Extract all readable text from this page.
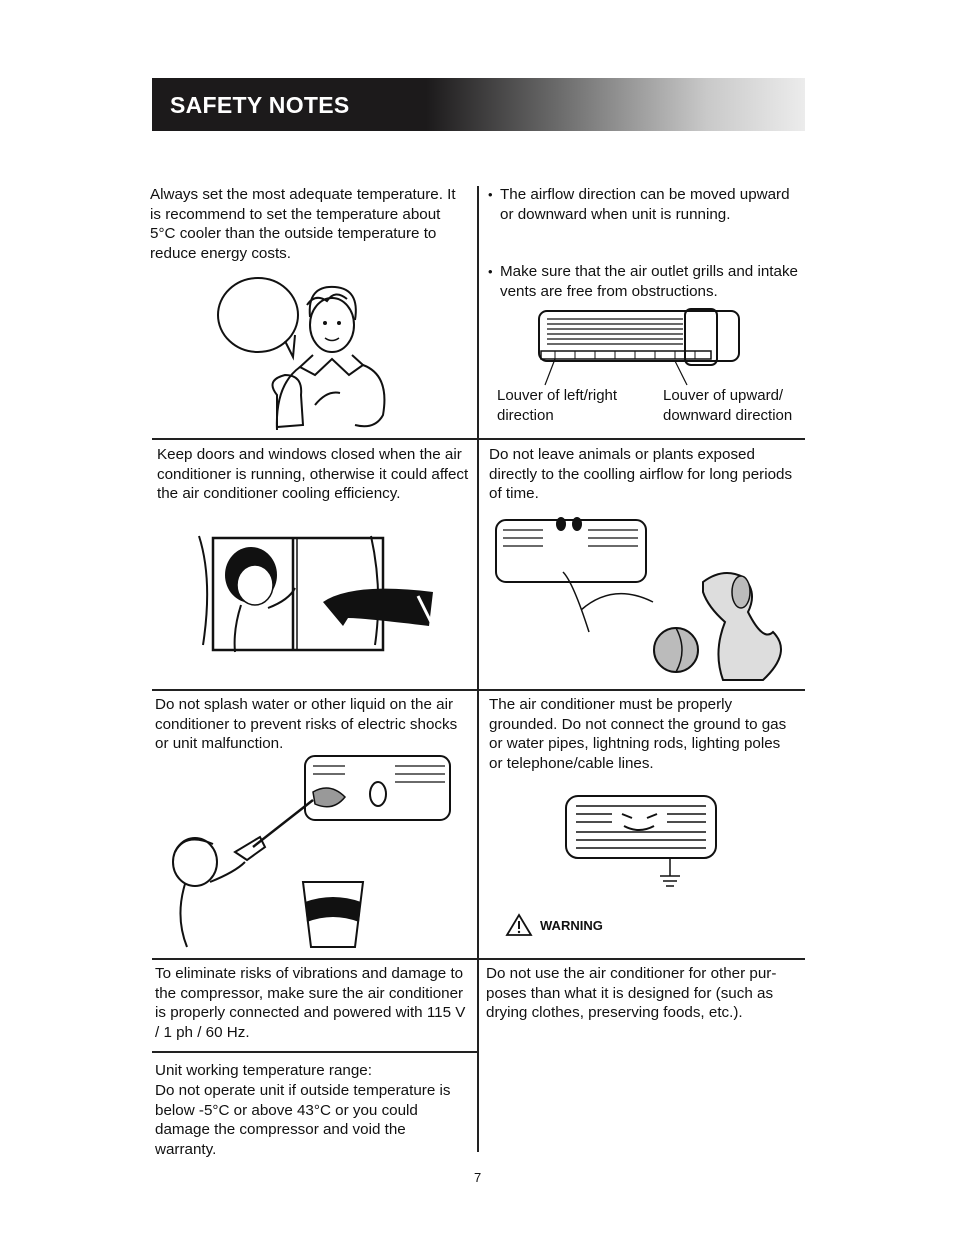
SAFETY NOTES

Always set the most adequate temperature. It is recommend to set the temperature about 5°C cooler than the outside temperature to reduce energy costs.

• The airflow direction can be moved upward or downward when unit is running.

• Make sure that the air outlet grills and intake vents are free from obstructions.

Louver of left/right direction
Louver of upward/ downward direction

Keep doors and windows closed when the air conditioner is running, otherwise it could affect the air conditioner cooling efficiency.

Do not leave animals or plants exposed directly to the coolling airflow for long periods of time.

Do not splash water or other liquid on the air conditioner to prevent risks of electric shocks or unit malfunction.

The air conditioner must be properly grounded. Do not connect the ground to gas or water pipes, lightning rods, lighting poles or telephone/cable lines.

WARNING

To eliminate risks of vibrations and damage to the compressor, make sure the air conditioner is properly connected and powered with 115 V / 1 ph / 60 Hz.

Unit working temperature range:

Do not operate unit if outside temperature is below -5°C or above 43°C or you could damage the compressor and void the warranty.

Do not use the air conditioner for other pur-poses than what it is designed for (such as drying clothes, preserving foods, etc.).

7
